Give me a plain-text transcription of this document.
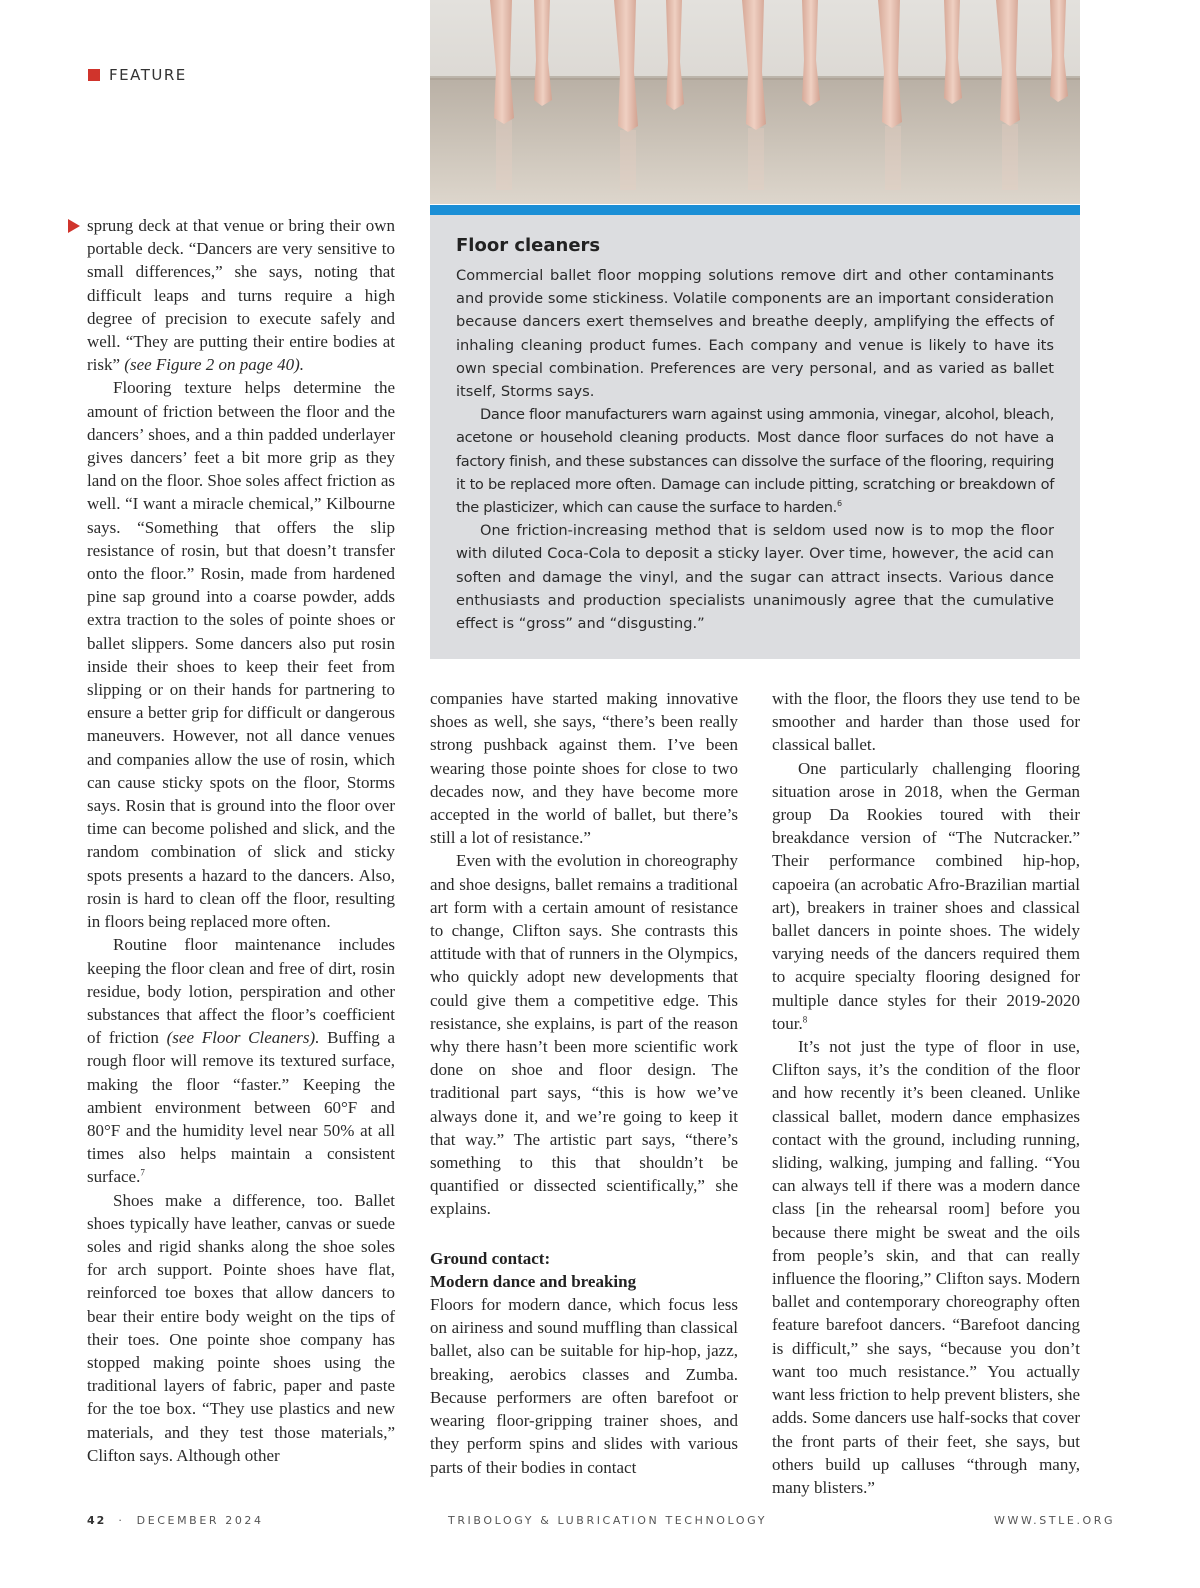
FEATURE
Floor cleaners

Commercial ballet floor mopping solutions remove dirt and other contaminants and provide some stickiness. Volatile components are an important consideration because dancers exert themselves and breathe deeply, amplifying the effects of inhaling cleaning product fumes. Each company and venue is likely to have its own special combination. Preferences are very personal, and as varied as ballet itself, Storms says.

Dance floor manufacturers warn against using ammonia, vinegar, alcohol, bleach, acetone or household cleaning products. Most dance floor surfaces do not have a factory finish, and these substances can dissolve the surface of the flooring, requiring it to be replaced more often. Damage can include pitting, scratching or breakdown of the plasticizer, which can cause the surface to harden.$^6$

One friction-increasing method that is seldom used now is to mop the floor with diluted Coca-Cola to deposit a sticky layer. Over time, however, the acid can soften and damage the vinyl, and the sugar can attract insects. Various dance enthusiasts and production specialists unanimously agree that the cumulative effect is “gross” and “disgusting.”

sprung deck at that venue or bring their own portable deck. “Dancers are very sensitive to small differences,” she says, noting that difficult leaps and turns require a high degree of precision to execute safely and well. “They are putting their entire bodies at risk” (see Figure 2 on page 40).

Flooring texture helps determine the amount of friction between the floor and the dancers’ shoes, and a thin padded underlayer gives dancers’ feet a bit more grip as they land on the floor. Shoe soles affect friction as well. “I want a miracle chemical,” Kilbourne says. “Something that offers the slip resistance of rosin, but that doesn’t transfer onto the floor.” Rosin, made from hardened pine sap ground into a coarse powder, adds extra traction to the soles of pointe shoes or ballet slippers. Some dancers also put rosin inside their shoes to keep their feet from slipping or on their hands for partnering to ensure a better grip for difficult or dangerous maneuvers. However, not all dance venues and companies allow the use of rosin, which can cause sticky spots on the floor, Storms says. Rosin that is ground into the floor over time can become polished and slick, and the random combination of slick and sticky spots presents a hazard to the dancers. Also, rosin is hard to clean off the floor, resulting in floors being replaced more often.

Routine floor maintenance includes keeping the floor clean and free of dirt, rosin residue, body lotion, perspiration and other substances that affect the floor’s coefficient of friction (see Floor Cleaners). Buffing a rough floor will remove its textured surface, making the floor “faster.” Keeping the ambient environment between 60°F and 80°F and the humidity level near 50% at all times also helps maintain a consistent surface.$^7$

Shoes make a difference, too. Ballet shoes typically have leather, canvas or suede soles and rigid shanks along the shoe soles for arch support. Pointe shoes have flat, reinforced toe boxes that allow dancers to bear their entire body weight on the tips of their toes. One pointe shoe company has stopped making pointe shoes using the traditional layers of fabric, paper and paste for the toe box. “They use plastics and new materials, and they test those materials,” Clifton says. Although other

companies have started making innovative shoes as well, she says, “there’s been really strong pushback against them. I’ve been wearing those pointe shoes for close to two decades now, and they have become more accepted in the world of ballet, but there’s still a lot of resistance.”

Even with the evolution in choreography and shoe designs, ballet remains a traditional art form with a certain amount of resistance to change, Clifton says. She contrasts this attitude with that of runners in the Olympics, who quickly adopt new developments that could give them a competitive edge. This resistance, she explains, is part of the reason why there hasn’t been more scientific work done on shoe and floor design. The traditional part says, “this is how we’ve always done it, and we’re going to keep it that way.” The artistic part says, “there’s something to this that shouldn’t be quantified or dissected scientifically,” she explains.

Ground contact:
Modern dance and breaking

Floors for modern dance, which focus less on airiness and sound muffling than classical ballet, also can be suitable for hip-hop, jazz, breaking, aerobics classes and Zumba. Because performers are often barefoot or wearing floor-gripping trainer shoes, and they perform spins and slides with various parts of their bodies in contact

with the floor, the floors they use tend to be smoother and harder than those used for classical ballet.

One particularly challenging flooring situation arose in 2018, when the German group Da Rookies toured with their breakdance version of “The Nutcracker.” Their performance combined hip-hop, capoeira (an acrobatic Afro-Brazilian martial art), breakers in trainer shoes and classical ballet dancers in pointe shoes. The widely varying needs of the dancers required them to acquire specialty flooring designed for multiple dance styles for their 2019-2020 tour.$^8$

It’s not just the type of floor in use, Clifton says, it’s the condition of the floor and how recently it’s been cleaned. Unlike classical ballet, modern dance emphasizes contact with the ground, including running, sliding, walking, jumping and falling. “You can always tell if there was a modern dance class [in the rehearsal room] before you because there might be sweat and the oils from people’s skin, and that can really influence the flooring,” Clifton says. Modern ballet and contemporary choreography often feature barefoot dancers. “Barefoot dancing is difficult,” she says, “because you don’t want too much resistance.” You actually want less friction to help prevent blisters, she adds. Some dancers use half-socks that cover the front parts of their feet, she says, but others build up calluses “through many, many blisters.”

42 · DECEMBER 2024	TRIBOLOGY & LUBRICATION TECHNOLOGY	WWW.STLE.ORG
